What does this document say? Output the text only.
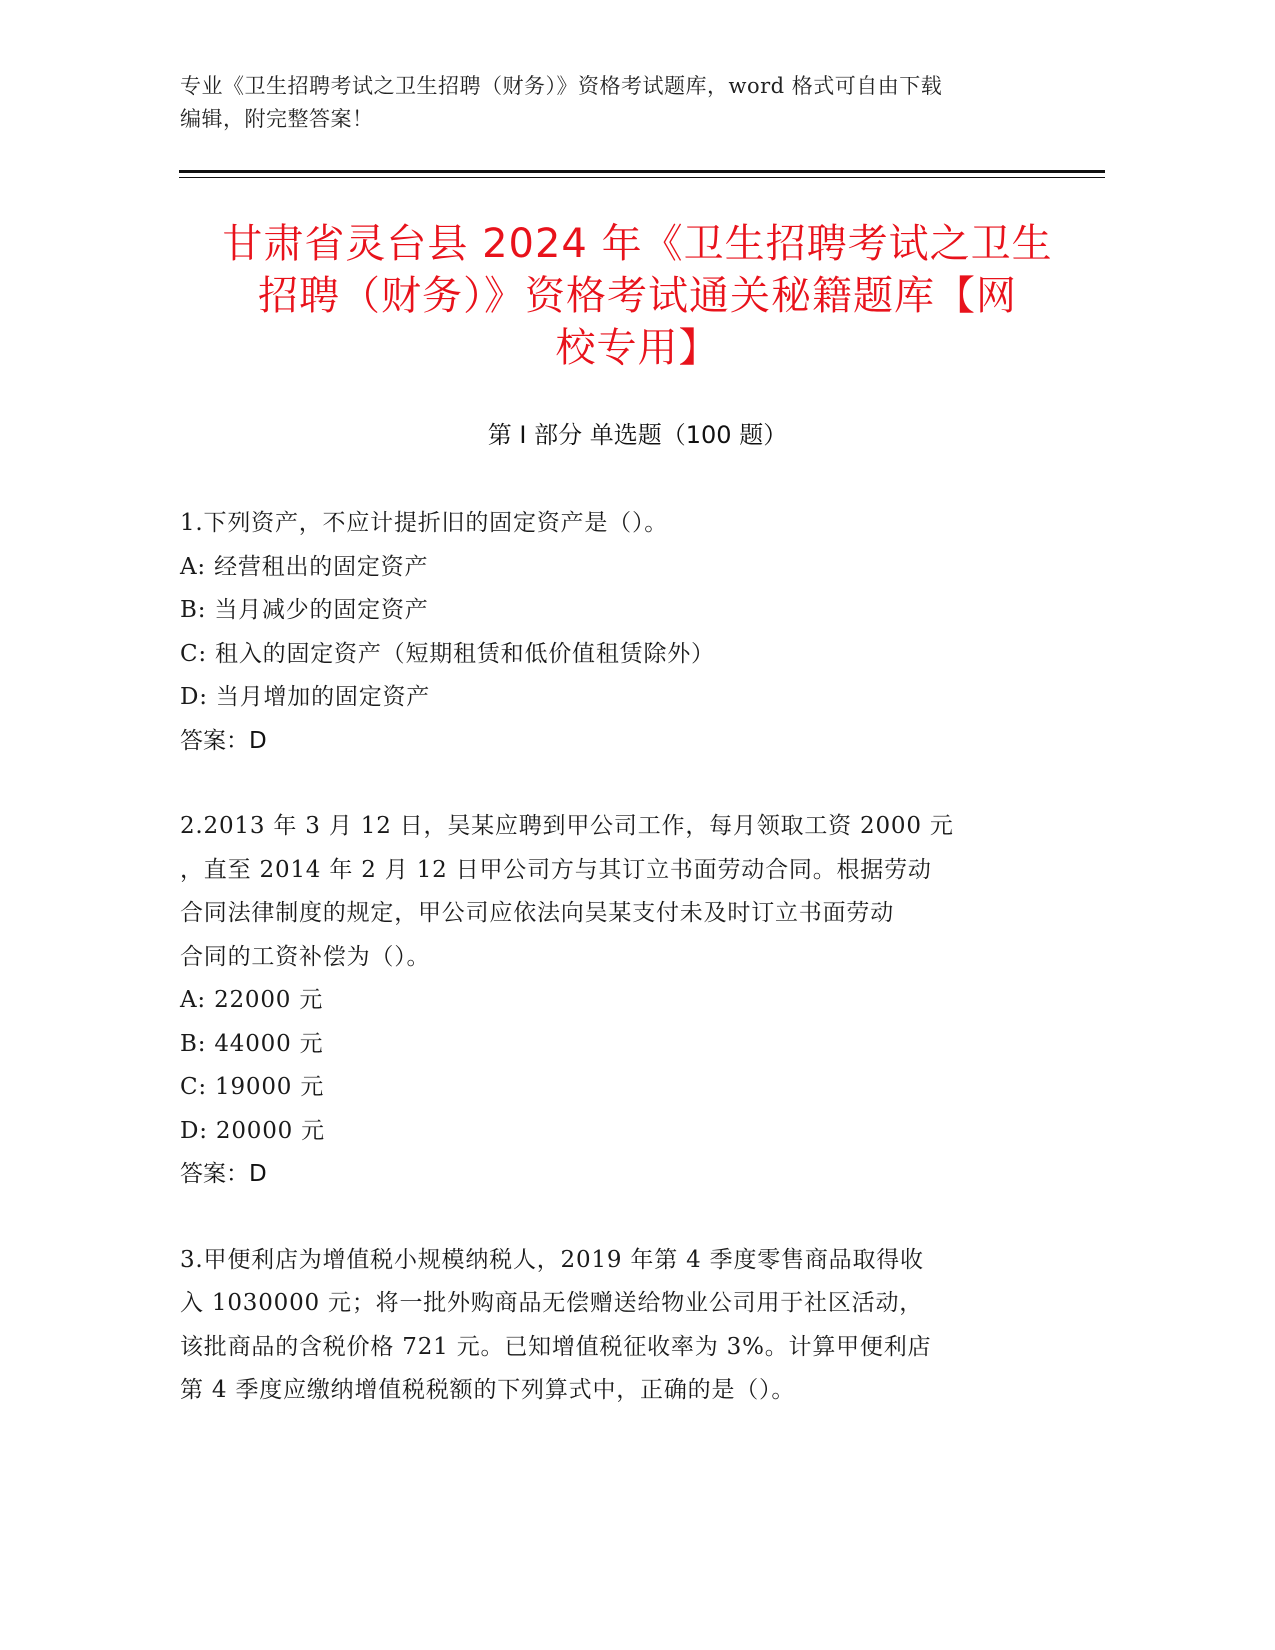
专业《卫生招聘考试之卫生招聘（财务）》资格考试题库，word 格式可自由下载

编辑，附完整答案！

甘肃省灵台县 2024 年《卫生招聘考试之卫生
招聘（财务）》资格考试通关秘籍题库【网
校专用】
第 I 部分 单选题（100 题）

1.下列资产，不应计提折旧的固定资产是（）。

A: 经营租出的固定资产

B: 当月减少的固定资产

C: 租入的固定资产（短期租赁和低价值租赁除外）

D: 当月增加的固定资产

答案：D

2.2013 年 3 月 12 日，吴某应聘到甲公司工作，每月领取工资 2000 元

，直至 2014 年 2 月 12 日甲公司方与其订立书面劳动合同。根据劳动

合同法律制度的规定，甲公司应依法向吴某支付未及时订立书面劳动

合同的工资补偿为（）。

A: 22000 元

B: 44000 元

C: 19000 元

D: 20000 元

答案：D

3.甲便利店为增值税小规模纳税人，2019 年第 4 季度零售商品取得收

入 1030000 元；将一批外购商品无偿赠送给物业公司用于社区活动，

该批商品的含税价格 721 元。已知增值税征收率为 3%。计算甲便利店

第 4 季度应缴纳增值税税额的下列算式中，正确的是（）。
